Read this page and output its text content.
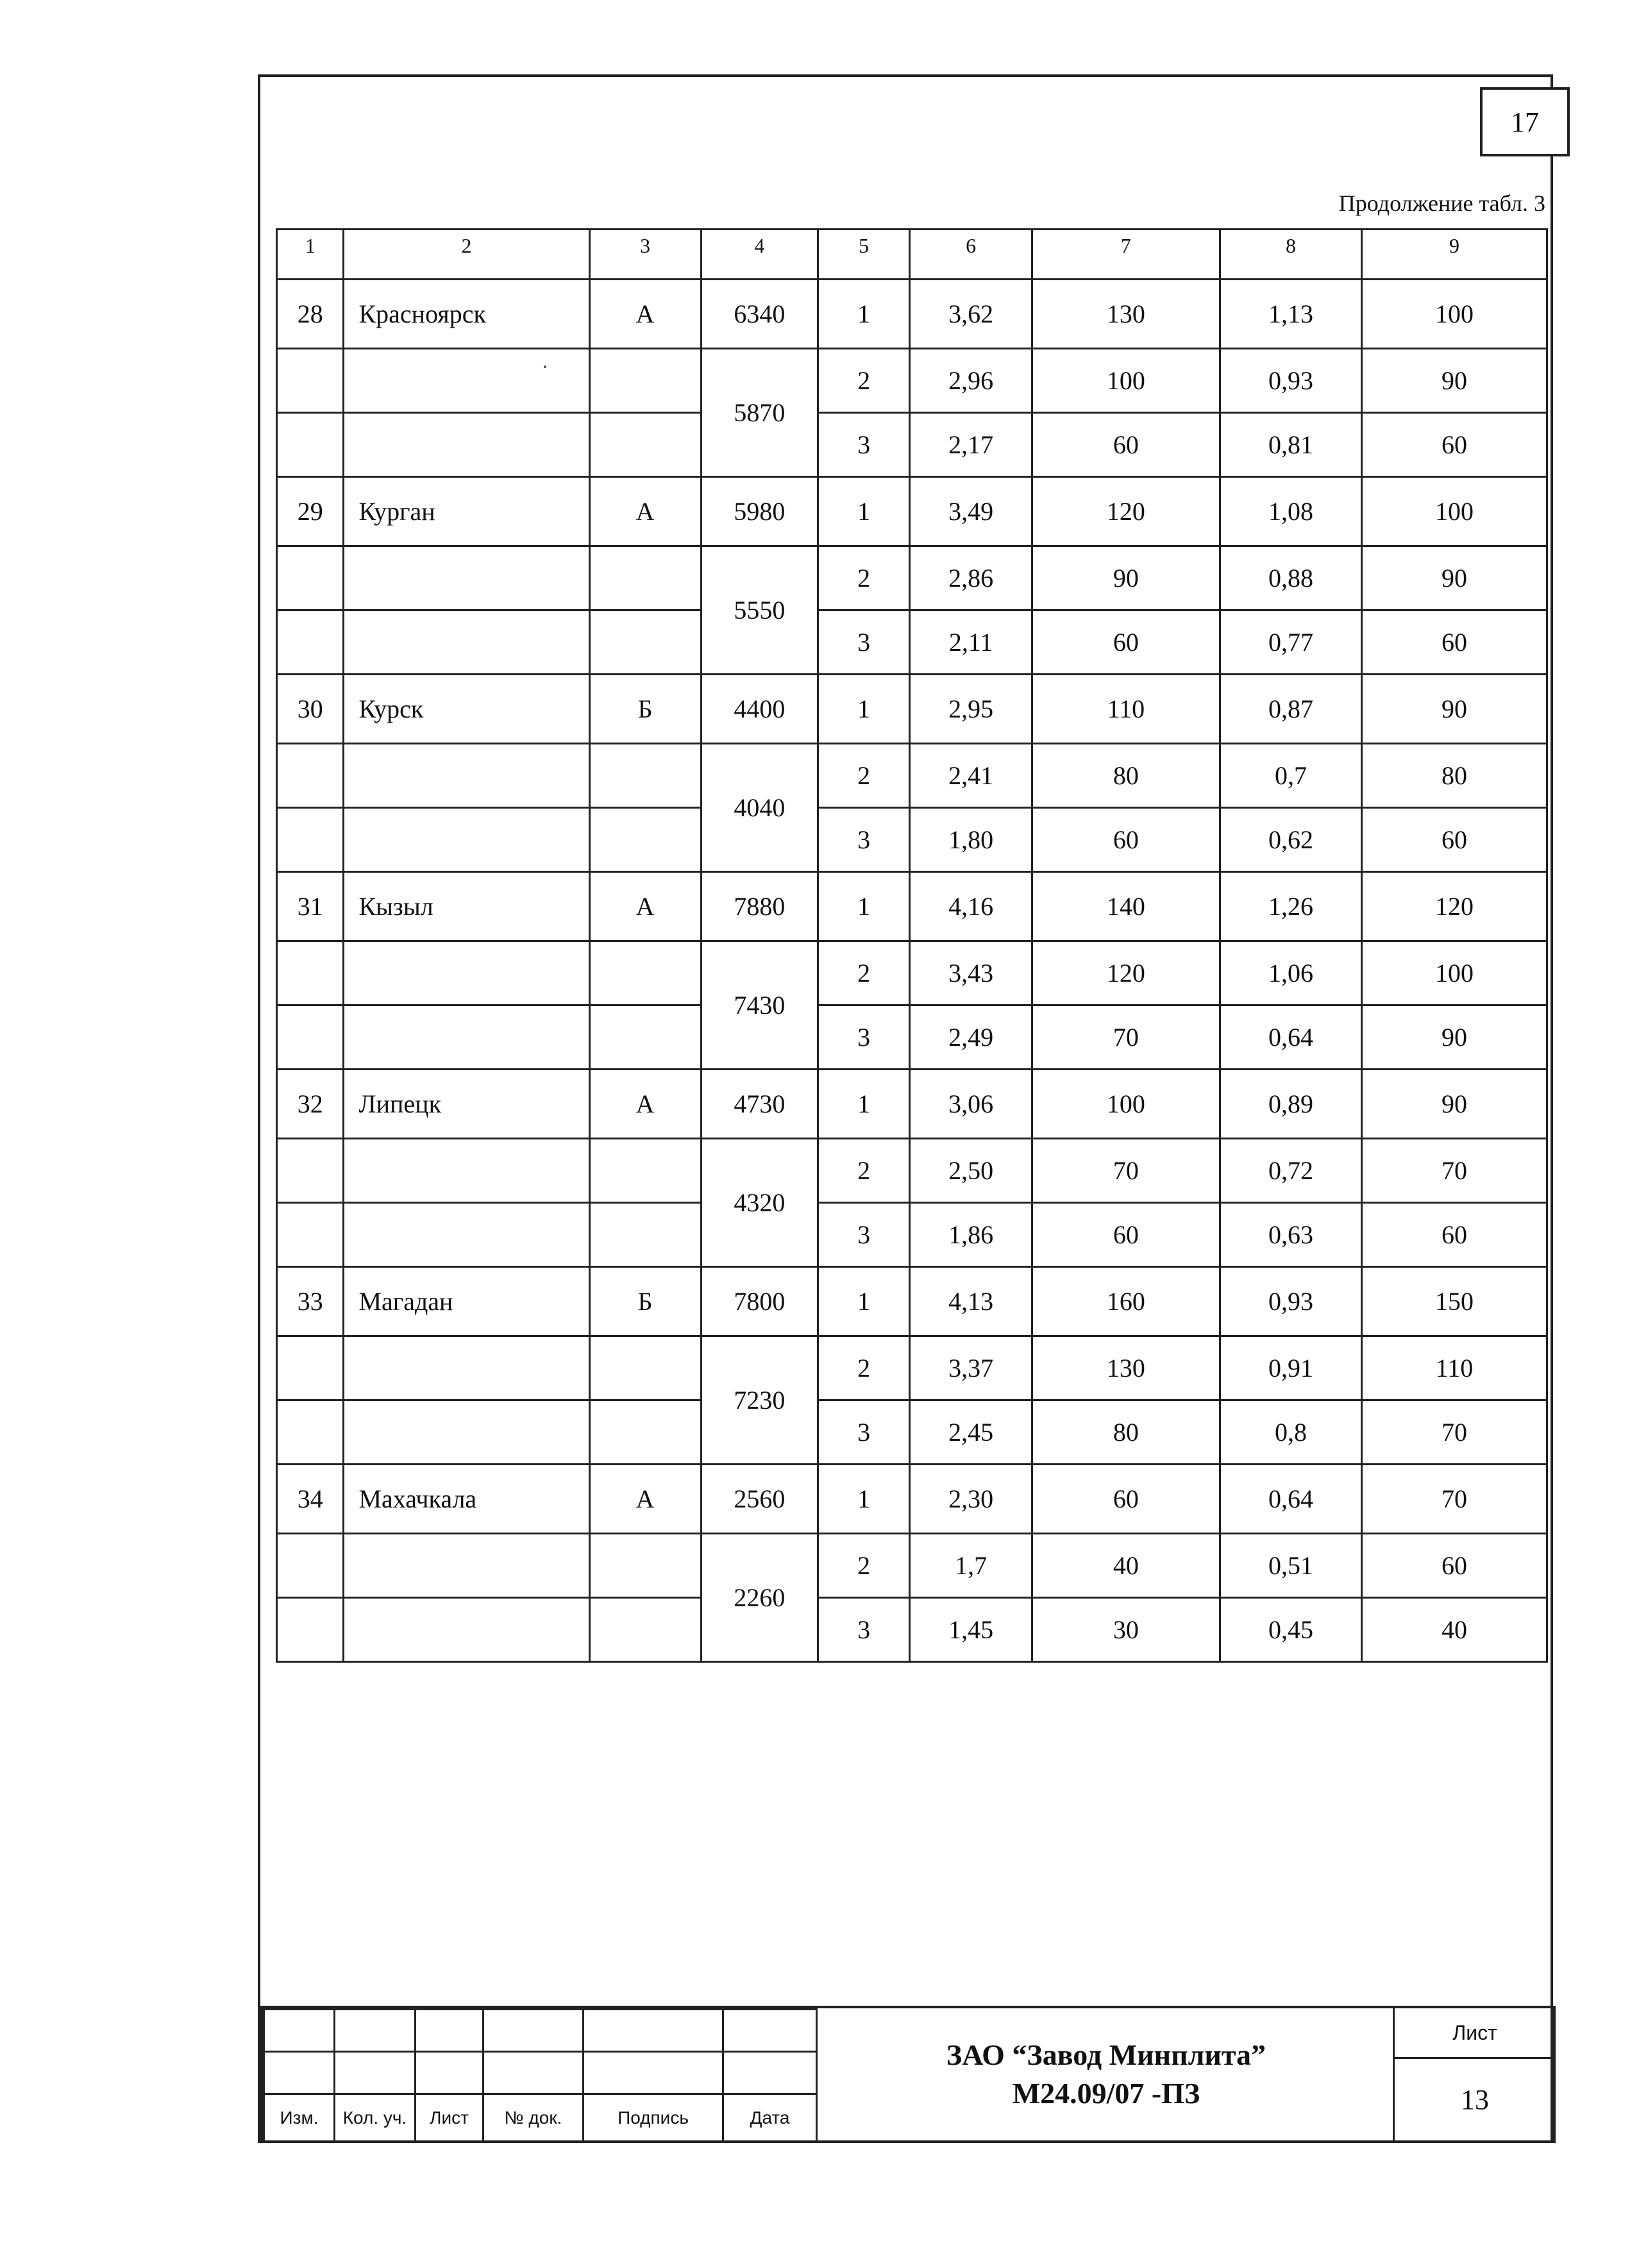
17
Продолжение табл. 3
1	2	3	4	5	6	7	8	9
28	Красноярск	А	6340	1	3,62	130	1,13	100
			5870	2	2,96	100	0,93	90
				3	2,17	60	0,81	60
29	Курган	А	5980	1	3,49	120	1,08	100
			5550	2	2,86	90	0,88	90
				3	2,11	60	0,77	60
30	Курск	Б	4400	1	2,95	110	0,87	90
			4040	2	2,41	80	0,7	80
				3	1,80	60	0,62	60
31	Кызыл	А	7880	1	4,16	140	1,26	120
			7430	2	3,43	120	1,06	100
				3	2,49	70	0,64	90
32	Липецк	А	4730	1	3,06	100	0,89	90
			4320	2	2,50	70	0,72	70
				3	1,86	60	0,63	60
33	Магадан	Б	7800	1	4,13	160	0,93	150
			7230	2	3,37	130	0,91	110
				3	2,45	80	0,8	70
34	Махачкала	А	2560	1	2,30	60	0,64	70
			2260	2	1,7	40	0,51	60
				3	1,45	30	0,45	40

Изм.	Кол. уч.	Лист	№ док.	Подпись	Дата
ЗАО “Завод Минплита”
М24.09/07 -ПЗ
Лист
13
